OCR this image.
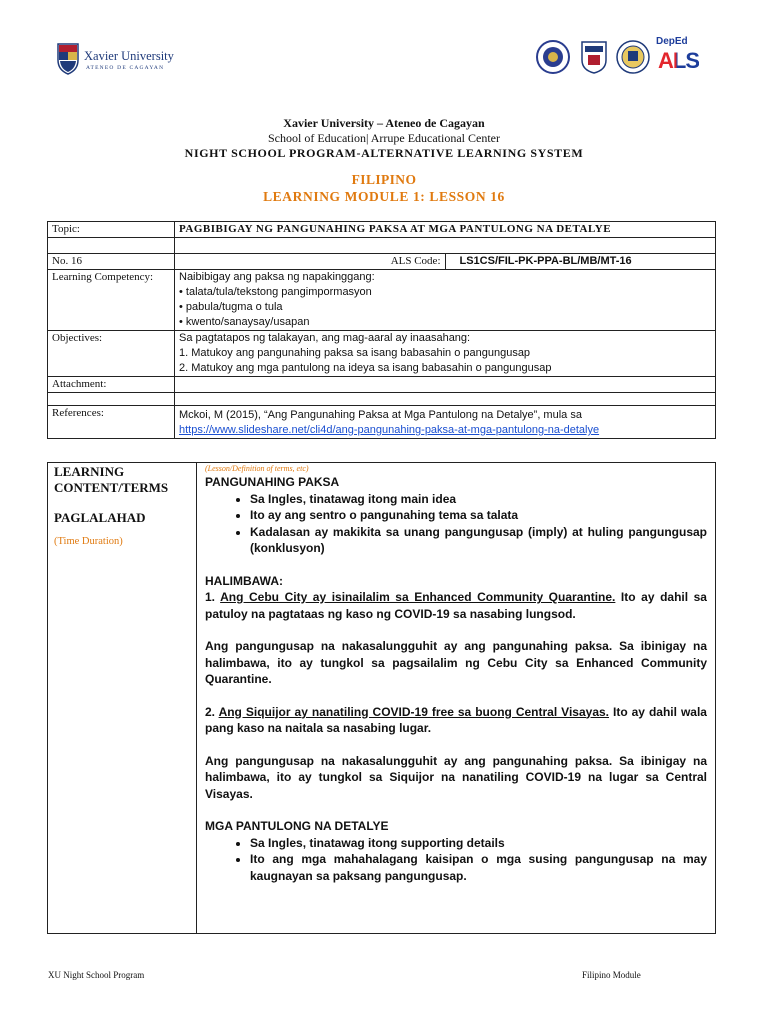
Xavier University
ATENEO DE CAGAYAN
DepEd
ALS
Xavier University – Ateneo de Cagayan
School of Education| Arrupe Educational Center
NIGHT SCHOOL PROGRAM-ALTERNATIVE LEARNING SYSTEM
FILIPINO
LEARNING MODULE 1: LESSON 16
Topic:	PAGBIBIGAY NG PANGUNAHING PAKSA AT MGA PANTULONG NA DETALYE	

No. 16	ALS Code:	LS1CS/FIL-PK-PPA-BL/MB/MT-16
Learning Competency:	Naibibigay ang paksa ng napakinggang:
• talata/tula/tekstong pangimpormasyon
• pabula/tugma o tula
• kwento/sanaysay/usapan	

Objectives:	Sa pagtatapos ng talakayan, ang mag-aaral ay inaasahang:
1. Matukoy ang pangunahing paksa sa isang babasahin o pangungusap
2. Matukoy ang mga pantulong na ideya sa isang babasahin o pangungusap	

Attachment:		

References:	Mckoi, M (2015), “Ang Pangunahing Paksa at Mga Pantulong na Detalye”, mula sa
https://www.slideshare.net/cli4d/ang-pangunahing-paksa-at-mga-pantulong-na-detalye	
LEARNING
CONTENT/TERMS
PAGLALAHAD
(Time Duration)

(Lesson/Definition of terms, etc)

PANGUNAHING PAKSA

• Sa Ingles, tinatawag itong main idea
• Ito ay ang sentro o pangunahing tema sa talata
• Kadalasan ay makikita sa unang pangungusap (imply) at huling pangungusap (konklusyon)

HALIMBAWA:

1. Ang Cebu City ay isinailalim sa Enhanced Community Quarantine. Ito ay dahil sa patuloy na pagtataas ng kaso ng COVID-19 sa nasabing lungsod.

Ang pangungusap na nakasalungguhit ay ang pangunahing paksa. Sa ibinigay na halimbawa, ito ay tungkol sa pagsailalim ng Cebu City sa Enhanced Community Quarantine.

2. Ang Siquijor ay nanatiling COVID-19 free sa buong Central Visayas. Ito ay dahil wala pang kaso na naitala sa nasabing lugar.

Ang pangungusap na nakasalungguhit ay ang pangunahing paksa. Sa ibinigay na halimbawa, ito ay tungkol sa Siquijor na nanatiling COVID-19 na lugar sa Central Visayas.

MGA PANTULONG NA DETALYE

• Sa Ingles, tinatawag itong supporting details
• Ito ang mga mahahalagang kaisipan o mga susing pangungusap na may kaugnayan sa paksang pangungusap.
XU Night School Program	Filipino Module
